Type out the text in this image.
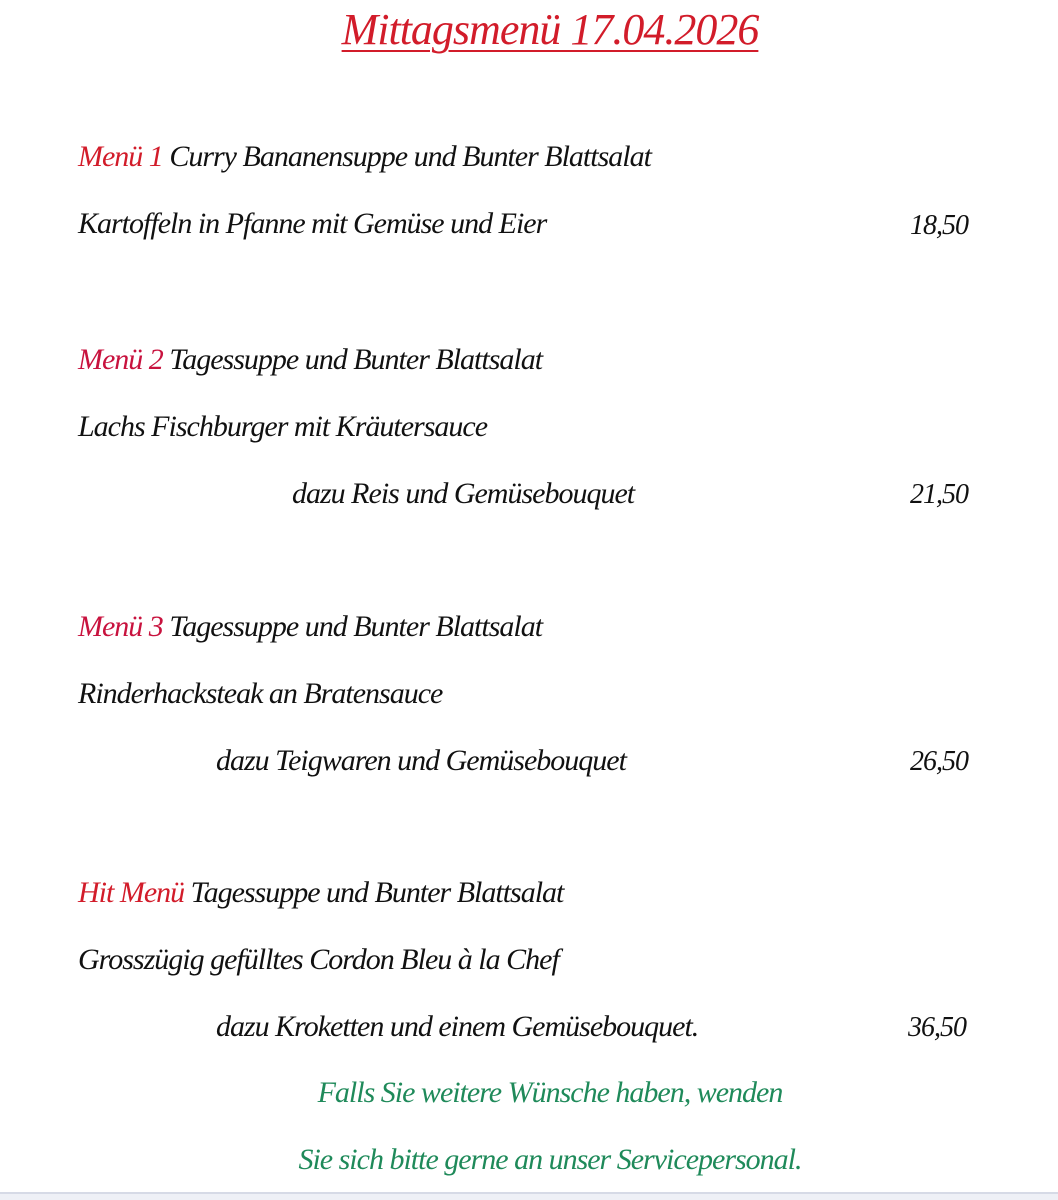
Mittagsmenü 17.04.2026
Menü 1 Curry Bananensuppe und Bunter Blattsalat
Kartoffeln in Pfanne mit Gemüse und Eier	18,50
Menü 2 Tagessuppe und Bunter Blattsalat
Lachs Fischburger mit Kräutersauce
dazu Reis und Gemüsebouquet	21,50
Menü 3 Tagessuppe und Bunter Blattsalat
Rinderhacksteak an Bratensauce
dazu Teigwaren und Gemüsebouquet	26,50
Hit Menü Tagessuppe und Bunter Blattsalat
Grosszügig gefülltes Cordon Bleu à la Chef
dazu Kroketten und einem Gemüsebouquet.	36,50
Falls Sie weitere Wünsche haben, wenden
Sie sich bitte gerne an unser Servicepersonal.
